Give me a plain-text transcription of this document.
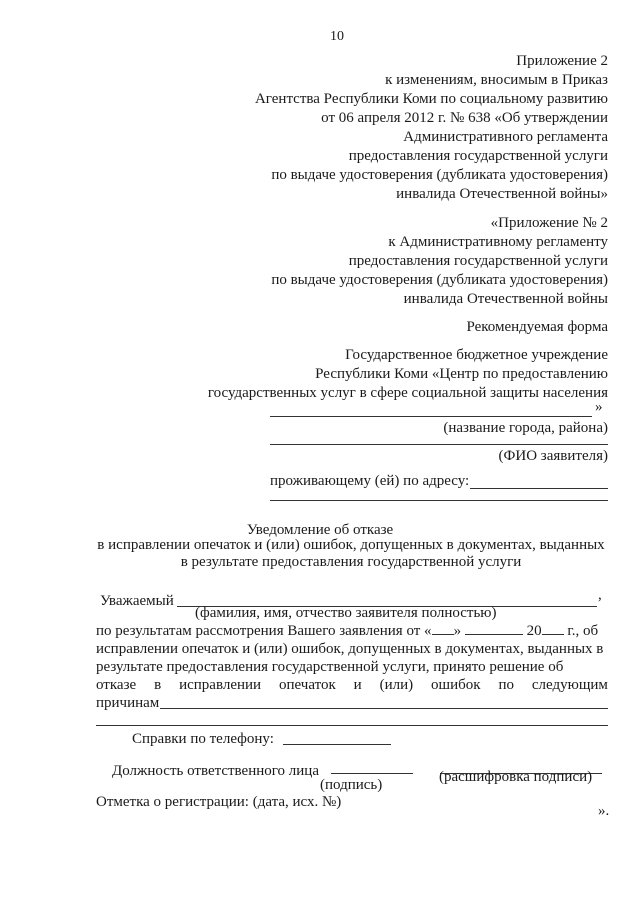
10
Приложение 2
к изменениям, вносимым в Приказ
Агентства Республики Коми по социальному развитию
от 06 апреля 2012 г. № 638 «Об утверждении
Административного регламента
предоставления государственной услуги
по выдаче удостоверения (дубликата удостоверения)
инвалида Отечественной войны»
«Приложение № 2
к Административному регламенту
предоставления государственной услуги
по выдаче удостоверения (дубликата удостоверения)
инвалида Отечественной войны
Рекомендуемая форма
Государственное бюджетное учреждение
Республики Коми «Центр по предоставлению
государственных услуг в сфере социальной защиты населения
»
(название города, района)
(ФИО заявителя)
проживающему (ей) по адресу:
Уведомление об отказе
в исправлении опечаток и (или) ошибок, допущенных в документах, выданных
в результате предоставления государственной услуги
Уважаемый	,
(фамилия, имя, отчество заявителя полностью)
по результатам рассмотрения Вашего заявления от « »	20 г., об
исправлении опечаток и (или) ошибок, допущенных в документах, выданных в
результате предоставления государственной услуги, принято решение об
отказе в исправлении опечаток и (или) ошибок по следующим
причинам
Справки по телефону:
Должность ответственного лица
(подпись)	(расшифровка подписи)
Отметка о регистрации: (дата, исх. №)
».
